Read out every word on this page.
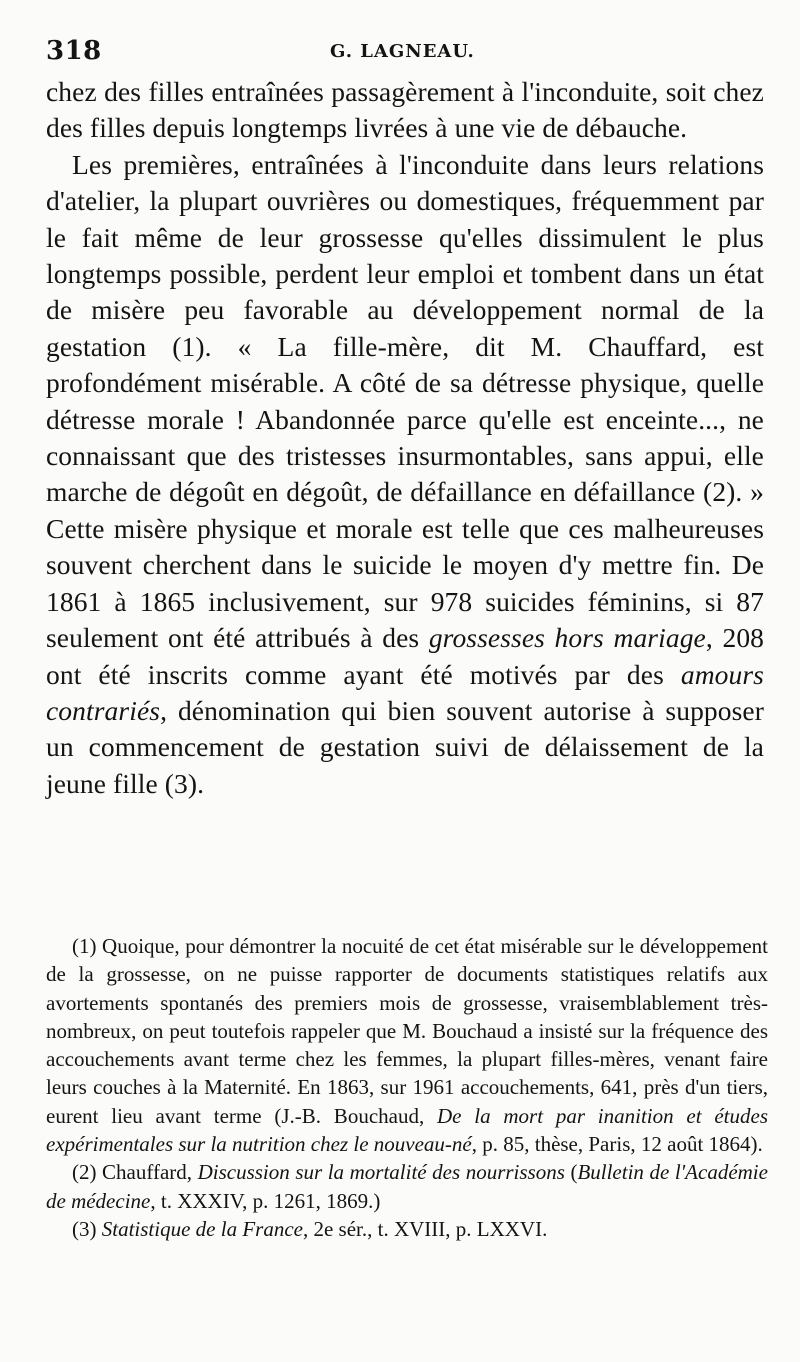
318	G. LAGNEAU.

chez des filles entraînées passagèrement à l'inconduite, soit chez des filles depuis longtemps livrées à une vie de débauche.

Les premières, entraînées à l'inconduite dans leurs relations d'atelier, la plupart ouvrières ou domestiques, fréquemment par le fait même de leur grossesse qu'elles dissimulent le plus longtemps possible, perdent leur emploi et tombent dans un état de misère peu favorable au développement normal de la gestation (1). « La fille-mère, dit M. Chauffard, est profondément misérable. A côté de sa détresse physique, quelle détresse morale ! Abandonnée parce qu'elle est enceinte..., ne connaissant que des tristesses insurmontables, sans appui, elle marche de dégoût en dégoût, de défaillance en défaillance (2). » Cette misère physique et morale est telle que ces malheureuses souvent cherchent dans le suicide le moyen d'y mettre fin. De 1861 à 1865 inclusivement, sur 978 suicides féminins, si 87 seulement ont été attribués à des grossesses hors mariage, 208 ont été inscrits comme ayant été motivés par des amours contrariés, dénomination qui bien souvent autorise à supposer un commencement de gestation suivi de délaissement de la jeune fille (3).

(1) Quoique, pour démontrer la nocuité de cet état misérable sur le développement de la grossesse, on ne puisse rapporter de documents statistiques relatifs aux avortements spontanés des premiers mois de grossesse, vraisemblablement très-nombreux, on peut toutefois rappeler que M. Bouchaud a insisté sur la fréquence des accouchements avant terme chez les femmes, la plupart filles-mères, venant faire leurs couches à la Maternité. En 1863, sur 1961 accouchements, 641, près d'un tiers, eurent lieu avant terme (J.-B. Bouchaud, De la mort par inanition et études expérimentales sur la nutrition chez le nouveau-né, p. 85, thèse, Paris, 12 août 1864).

(2) Chauffard, Discussion sur la mortalité des nourrissons (Bulletin de l'Académie de médecine, t. XXXIV, p. 1261, 1869.)

(3) Statistique de la France, 2e sér., t. XVIII, p. LXXVI.
